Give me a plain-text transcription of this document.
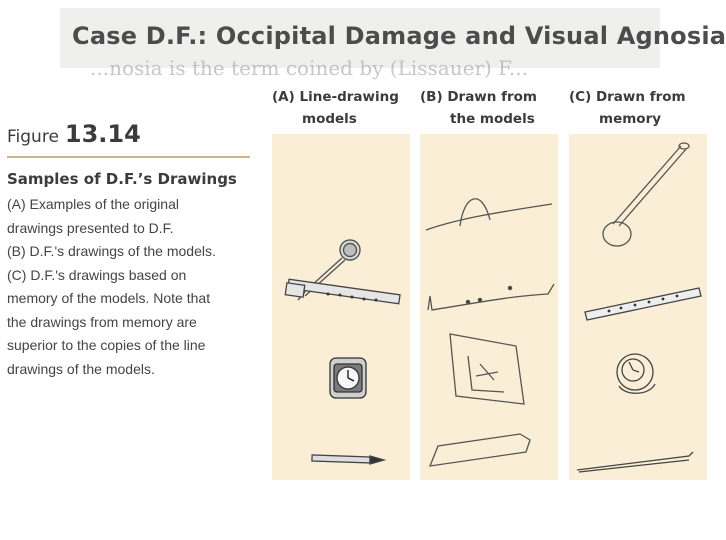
Case D.F.: Occipital Damage and Visual Agnosia
...nosia is the term coined by (Lissauer) F...
Figure 13.14
Samples of D.F.’s Drawings
(A) Examples of the original
drawings presented to D.F.
(B) D.F.'s drawings of the models.
(C) D.F.'s drawings based on
memory of the models. Note that
the drawings from memory are
superior to the copies of the line
drawings of the models.
(A) Line-drawing
models
(B) Drawn from
the models
(C) Drawn from
memory
